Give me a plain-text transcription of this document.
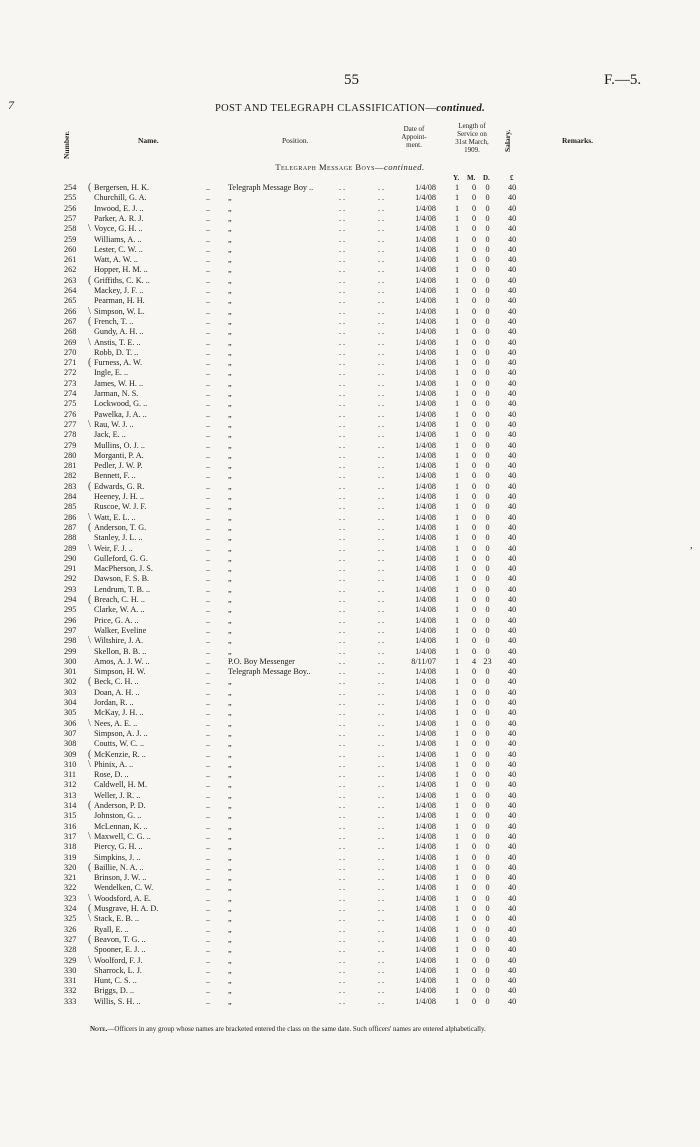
7
55	F.—5.
,
POST AND TELEGRAPH CLASSIFICATION—continued.
Number.	Name.	Position.
Date of
Appoint-
ment.
Length of
Service on
31st March,
1909.	Salary.	Remarks.
Telegraph Message Boys—continued.
Y. M. D.	£
254 ( Bergersen, H. K.	.. Telegraph Message Boy ..	..	..	1/4/08 1	0	0 40
255 Churchill, G. A.	.. „	..	..	1/4/08 1	0	0 40
256 Inwood, E. J. ..	.. „	..	..	1/4/08 1	0	0 40
257 Parker, A. R. J.	.. „	..	..	1/4/08 1	0	0 40
258 \ Voyce, G. H. ..	.. „	..	..	1/4/08 1	0	0 40
259 Williams, A. ..	.. „	..	..	1/4/08 1	0	0 40
260 Lester, C. W. ..	.. „	..	..	1/4/08 1	0	0 40
261 Watt, A. W. ..	.. „	..	..	1/4/08 1	0	0 40
262 Hopper, H. M. ..	.. „	..	..	1/4/08 1	0	0 40
263 ( Griffiths, C. K. ..	.. „	..	..	1/4/08 1	0	0 40
264 Mackey, J. F. ..	.. „	..	..	1/4/08 1	0	0 40
265 Pearman, H. H.	.. „	..	..	1/4/08 1	0	0 40
266 \ Simpson, W. L.	.. „	..	..	1/4/08 1	0	0 40
267 ( French, T. ..	.. „	..	..	1/4/08 1	0	0 40
268 Gundy, A. H. ..	.. „	..	..	1/4/08 1	0	0 40
269 \ Anstis, T. E. ..	.. „	..	..	1/4/08 1	0	0 40
270 Robb, D. T. ..	.. „	..	..	1/4/08 1	0	0 40
271 ( Furness, A. W.	.. „	..	..	1/4/08 1	0	0 40
272 Ingle, E. ..	.. „	..	..	1/4/08 1	0	0 40
273 James, W. H. ..	.. „	..	..	1/4/08 1	0	0 40
274 Jarman, N. S.	.. „	..	..	1/4/08 1	0	0 40
275 Lockwood, G. ..	.. „	..	..	1/4/08 1	0	0 40
276 Pawelka, J. A. ..	.. „	..	..	1/4/08 1	0	0 40
277 \ Rau, W. J. ..	.. „	..	..	1/4/08 1	0	0 40
278 Jack, E. ..	.. „	..	..	1/4/08 1	0	0 40
279 Mullins, O. J. ..	.. „	..	..	1/4/08 1	0	0 40
280 Morganti, P. A.	.. „	..	..	1/4/08 1	0	0 40
281 Pedler, J. W. P.	.. „	..	..	1/4/08 1	0	0 40
282 Bennett, F. ..	.. „	..	..	1/4/08 1	0	0 40
283 ( Edwards, G. R.	.. „	..	..	1/4/08 1	0	0 40
284 Heeney, J. H. ..	.. „	..	..	1/4/08 1	0	0 40
285 Ruscoe, W. J. F.	.. „	..	..	1/4/08 1	0	0 40
286 \ Watt, E. L. ..	.. „	..	..	1/4/08 1	0	0 40
287 ( Anderson, T. G.	.. „	..	..	1/4/08 1	0	0 40
288 Stanley, J. L. ..	.. „	..	..	1/4/08 1	0	0 40
289 \ Weir, F. J. ..	.. „	..	..	1/4/08 1	0	0 40
290 Gulleford, G. G.	.. „	..	..	1/4/08 1	0	0 40
291 MacPherson, J. S.	.. „	..	..	1/4/08 1	0	0 40
292 Dawson, F. S. B.	.. „	..	..	1/4/08 1	0	0 40
293 Lendrum, T. B. ..	.. „	..	..	1/4/08 1	0	0 40
294 ( Breach, C. H. ..	.. „	..	..	1/4/08 1	0	0 40
295 Clarke, W. A. ..	.. „	..	..	1/4/08 1	0	0 40
296 Price, G. A. ..	.. „	..	..	1/4/08 1	0	0 40
297 Walker, Eveline	.. „	..	..	1/4/08 1	0	0 40
298 \ Wiltshire, J. A.	.. „	..	..	1/4/08 1	0	0 40
299 Skellon, B. B. ..	.. „	..	..	1/4/08 1	0	0 40
300 Amos, A. J. W. ..	.. P.O. Boy Messenger	..	..	8/11/07 1	4 23 40
301 Simpson, H. W.	.. Telegraph Message Boy..	..	..	1/4/08 1	0	0 40
302 ( Beck, C. H. ..	.. „	..	..	1/4/08 1	0	0 40
303 Doan, A. H. ..	.. „	..	..	1/4/08 1	0	0 40
304 Jordan, R. ..	.. „	..	..	1/4/08 1	0	0 40
305 McKay, J. H. ..	.. „	..	..	1/4/08 1	0	0 40
306 \ Nees, A. E. ..	.. „	..	..	1/4/08 1	0	0 40
307 Simpson, A. J. ..	.. „	..	..	1/4/08 1	0	0 40
308 Coutts, W. C. ..	.. „	..	..	1/4/08 1	0	0 40
309 ( McKenzie, R. ..	.. „	..	..	1/4/08 1	0	0 40
310 \ Phinix, A. ..	.. „	..	..	1/4/08 1	0	0 40
311 Rose, D. ..	.. „	..	..	1/4/08 1	0	0 40
312 Caldwell, H. M.	.. „	..	..	1/4/08 1	0	0 40
313 Weller, J. R. ..	.. „	..	..	1/4/08 1	0	0 40
314 ( Anderson, P. D.	.. „	..	..	1/4/08 1	0	0 40
315 Johnston, G. ..	.. „	..	..	1/4/08 1	0	0 40
316 McLennan, K. ..	.. „	..	..	1/4/08 1	0	0 40
317 \ Maxwell, C. G. ..	.. „	..	..	1/4/08 1	0	0 40
318 Piercy, G. H. ..	.. „	..	..	1/4/08 1	0	0 40
319 Simpkins, J. ..	.. „	..	..	1/4/08 1	0	0 40
320 ( Baillie, N. A. ..	.. „	..	..	1/4/08 1	0	0 40
321 Brinson, J. W. ..	.. „	..	..	1/4/08 1	0	0 40
322 Wendelken, C. W.	.. „	..	..	1/4/08 1	0	0 40
323 \ Woodsford, A. E.	.. „	..	..	1/4/08 1	0	0 40
324 ( Musgrave, H. A. D.	.. „	..	..	1/4/08 1	0	0 40
325 \ Stack, E. B. ..	.. „	..	..	1/4/08 1	0	0 40
326 Ryall, E. ..	.. „	..	..	1/4/08 1	0	0 40
327 ( Beavon, T. G. ..	.. „	..	..	1/4/08 1	0	0 40
328 Spooner, E. J. ..	.. „	..	..	1/4/08 1	0	0 40
329 \ Woolford, F. J.	.. „	..	..	1/4/08 1	0	0 40
330 Sharrock, L. J.	.. „	..	..	1/4/08 1	0	0 40
331 Hunt, C. S. ..	.. „	..	..	1/4/08 1	0	0 40
332 Briggs, D. ..	.. „	..	..	1/4/08 1	0	0 40
333 Willis, S. H. ..	.. „	..	..	1/4/08 1	0	0 40
Note.—Officers in any group whose names are bracketed entered the class on the same date. Such officers' names are entered alphabetically.
